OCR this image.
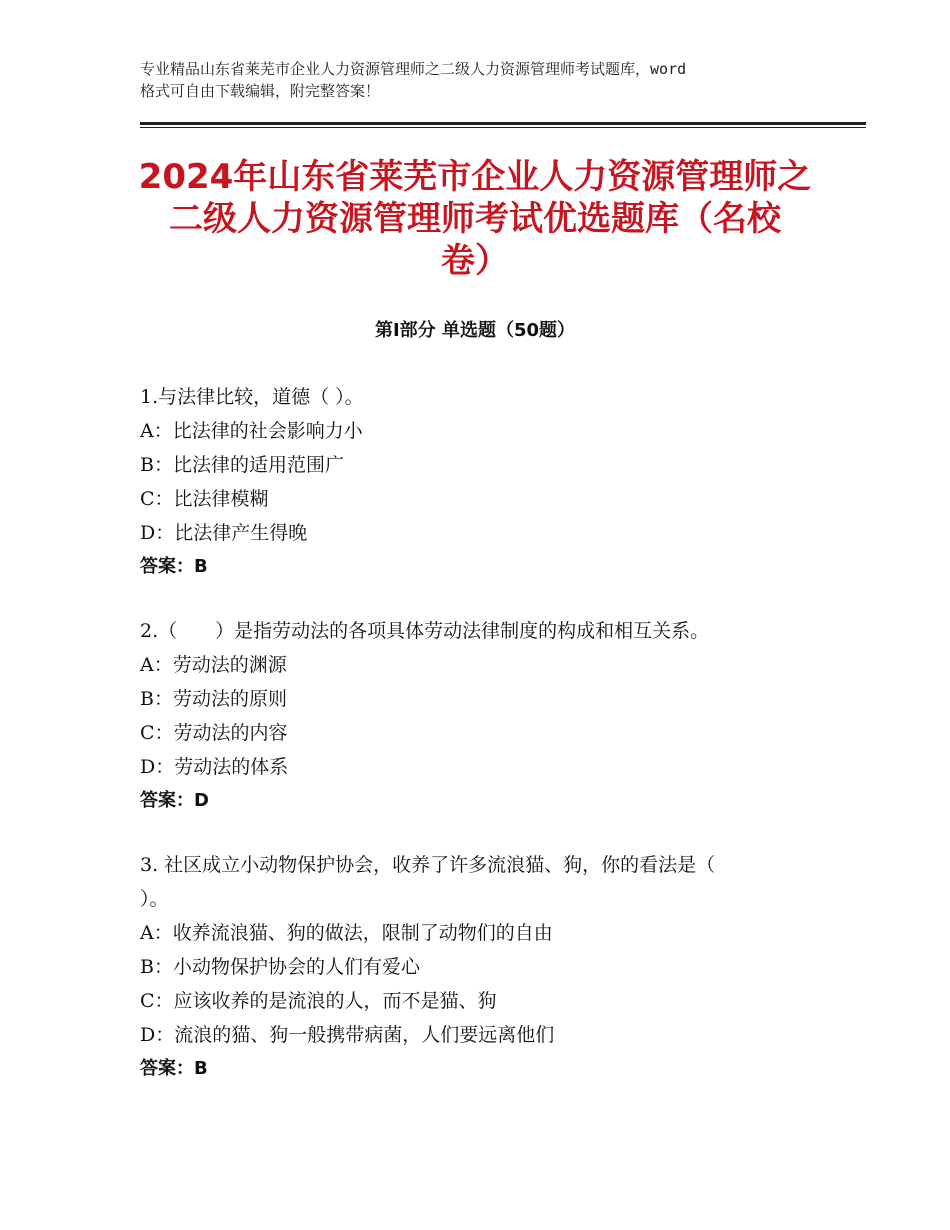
专业精品山东省莱芜市企业人力资源管理师之二级人力资源管理师考试题库，word
格式可自由下载编辑，附完整答案！
2024年山东省莱芜市企业人力资源管理师之
二级人力资源管理师考试优选题库（名校
卷）
第Ⅰ部分 单选题（50题）
1.与法律比较，道德（ ）。
A：比法律的社会影响力小
B：比法律的适用范围广
C：比法律模糊
D：比法律产生得晚
答案：B
2.（　　）是指劳动法的各项具体劳动法律制度的构成和相互关系。
A：劳动法的渊源
B：劳动法的原则
C：劳动法的内容
D：劳动法的体系
答案：D
3. 社区成立小动物保护协会，收养了许多流浪猫、狗，你的看法是（
）。
A：收养流浪猫、狗的做法，限制了动物们的自由
B：小动物保护协会的人们有爱心
C：应该收养的是流浪的人，而不是猫、狗
D：流浪的猫、狗一般携带病菌，人们要远离他们
答案：B
